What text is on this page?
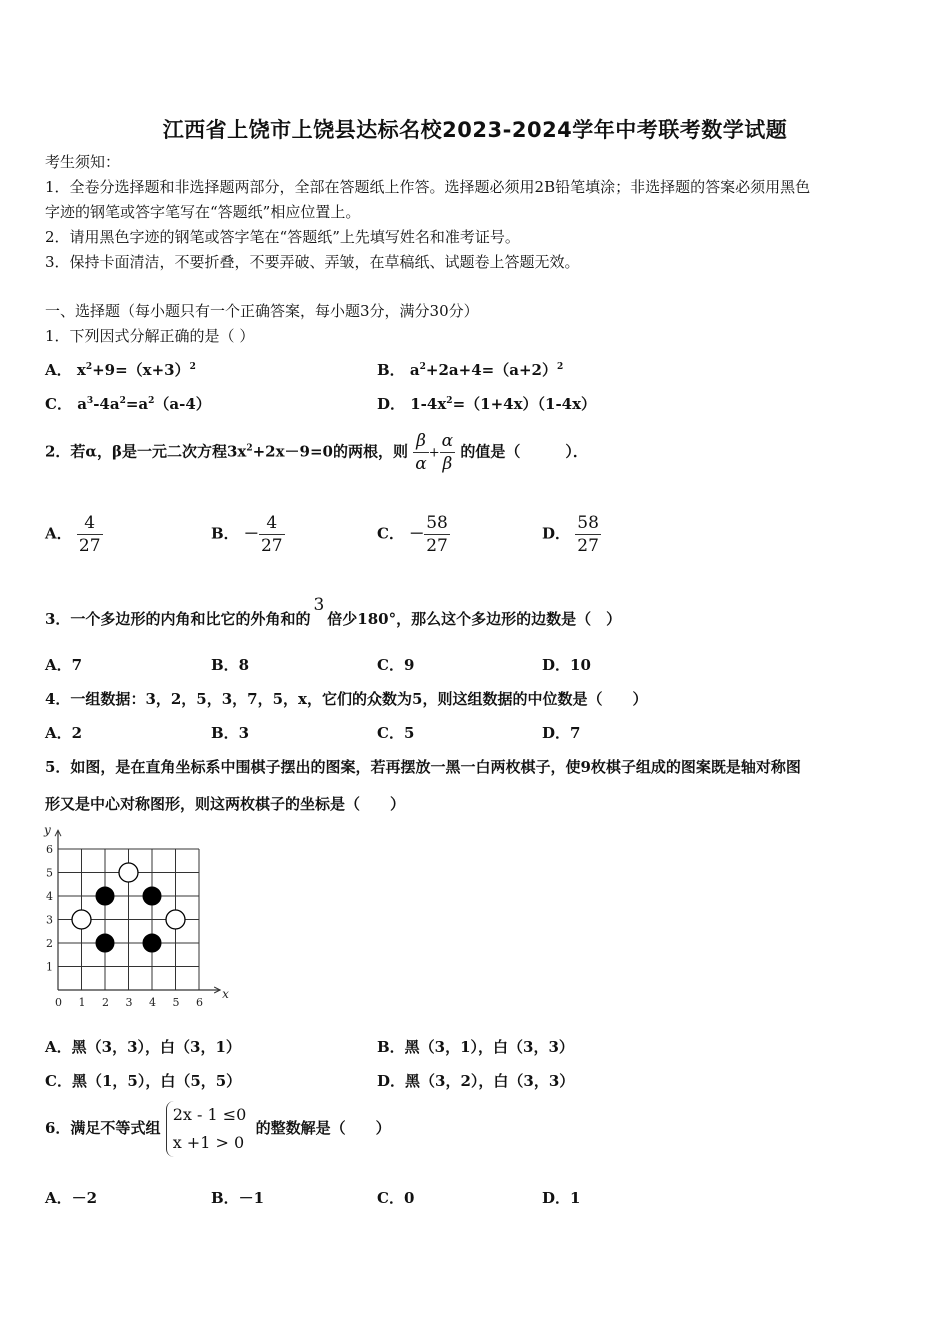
江西省上饶市上饶县达标名校2023-2024学年中考联考数学试题
考生须知：
1．全卷分选择题和非选择题两部分，全部在答题纸上作答。选择题必须用2B铅笔填涂；非选择题的答案必须用黑色
字迹的钢笔或答字笔写在“答题纸”相应位置上。
2．请用黑色字迹的钢笔或答字笔在“答题纸”上先填写姓名和准考证号。
3．保持卡面清洁，不要折叠，不要弄破、弄皱，在草稿纸、试题卷上答题无效。
一、选择题（每小题只有一个正确答案，每小题3分，满分30分）
1．下列因式分解正确的是（ ）
A． $x^2+9=(x+3)^2$	B． $a^2+2a+4=(a+2)^2$
C． $a^3-4a^2=a^2(a-4)$	D． $1-4x^2=(1+4x)(1-4x)$
2．若α，β是一元二次方程$3x^2+2x-9=0$的两根，则 $\frac{\beta}{\alpha} + \frac{\alpha}{\beta}$ 的值是（　　　）．
A． $\frac{4}{27}$	B． － $\frac{4}{27}$	C． － $\frac{58}{27}$	D． $\frac{58}{27}$
3．一个多边形的内角和比它的外角和的3倍少180°，那么这个多边形的边数是（　）
A．7	B．8	C．9	D．10
4．一组数据：3，2，5，3，7，5，x，它们的众数为5，则这组数据的中位数是（　　）
A．2	B．3	C．5	D．7
5．如图，是在直角坐标系中围棋子摆出的图案，若再摆放一黑一白两枚棋子，使9枚棋子组成的图案既是轴对称图
形又是中心对称图形，则这两枚棋子的坐标是（　　）
0 1 2 3 4 5 6
1
2
3
4
5
6
x
y
A．黑（3，3），白（3，1）	B．黑（3，1），白（3，3）
C．黑（1，5），白（5，5）	D．黑（3，2），白（3，3）
6．满足不等式组
2x - 1 ≤0
x +1 > 0
的整数解是（　　）
A．－2	B．－1	C．0	D．1
